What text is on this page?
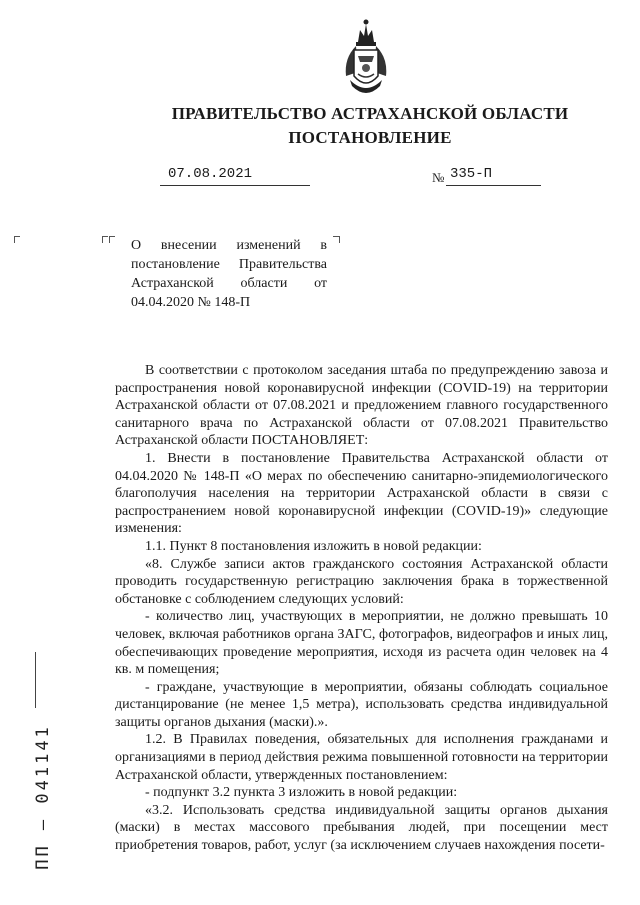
ПРАВИТЕЛЬСТВО АСТРАХАНСКОЙ ОБЛАСТИ
ПОСТАНОВЛЕНИЕ
07.08.2021	№ 335-П
О внесении изменений в постановление Правительства Астраханской области от 04.04.2020 № 148-П

В соответствии с протоколом заседания штаба по предупреждению завоза и распространения новой коронавирусной инфекции (COVID-19) на территории Астраханской области от 07.08.2021 и предложением главного государственного санитарного врача по Астраханской области от 07.08.2021 Правительство Астраханской области ПОСТАНОВЛЯЕТ:

1. Внести в постановление Правительства Астраханской области от 04.04.2020 № 148-П «О мерах по обеспечению санитарно-эпидемиологического благополучия населения на территории Астраханской области в связи с распространением новой коронавирусной инфекции (COVID-19)» следующие изменения:

1.1. Пункт 8 постановления изложить в новой редакции:

«8. Службе записи актов гражданского состояния Астраханской области проводить государственную регистрацию заключения брака в торжественной обстановке с соблюдением следующих условий:

- количество лиц, участвующих в мероприятии, не должно превышать 10 человек, включая работников органа ЗАГС, фотографов, видеографов и иных лиц, обеспечивающих проведение мероприятия, исходя из расчета один человек на 4 кв. м помещения;

- граждане, участвующие в мероприятии, обязаны соблюдать социальное дистанцирование (не менее 1,5 метра), использовать средства индивидуальной защиты органов дыхания (маски).».

1.2. В Правилах поведения, обязательных для исполнения гражданами и организациями в период действия режима повышенной готовности на территории Астраханской области, утвержденных постановлением:

- подпункт 3.2 пункта 3 изложить в новой редакции:

«3.2. Использовать средства индивидуальной защиты органов дыхания (маски) в местах массового пребывания людей, при посещении мест приобретения товаров, работ, услуг (за исключением случаев нахождения посети-

ПП – 041141
